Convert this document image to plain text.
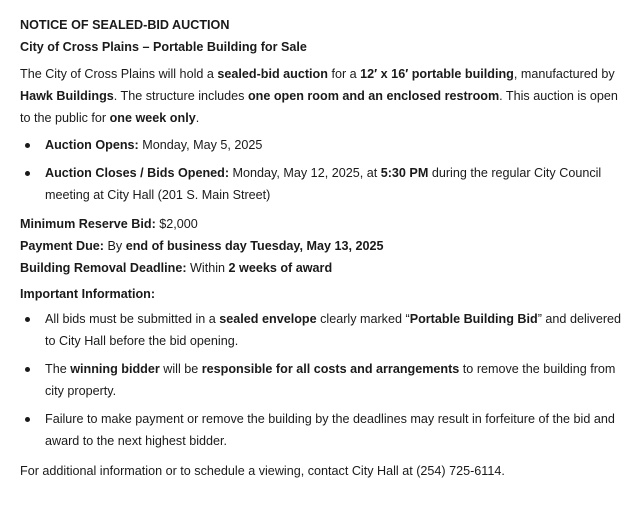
NOTICE OF SEALED-BID AUCTION

City of Cross Plains – Portable Building for Sale

The City of Cross Plains will hold a sealed-bid auction for a 12′ x 16′ portable building, manufactured by Hawk Buildings. The structure includes one open room and an enclosed restroom. This auction is open to the public for one week only.

Auction Opens: Monday, May 5, 2025
Auction Closes / Bids Opened: Monday, May 12, 2025, at 5:30 PM during the regular City Council meeting at City Hall (201 S. Main Street)

Minimum Reserve Bid: $2,000

Payment Due: By end of business day Tuesday, May 13, 2025

Building Removal Deadline: Within 2 weeks of award

Important Information:

All bids must be submitted in a sealed envelope clearly marked “Portable Building Bid” and delivered to City Hall before the bid opening.
The winning bidder will be responsible for all costs and arrangements to remove the building from city property.
Failure to make payment or remove the building by the deadlines may result in forfeiture of the bid and award to the next highest bidder.

For additional information or to schedule a viewing, contact City Hall at (254) 725-6114.
